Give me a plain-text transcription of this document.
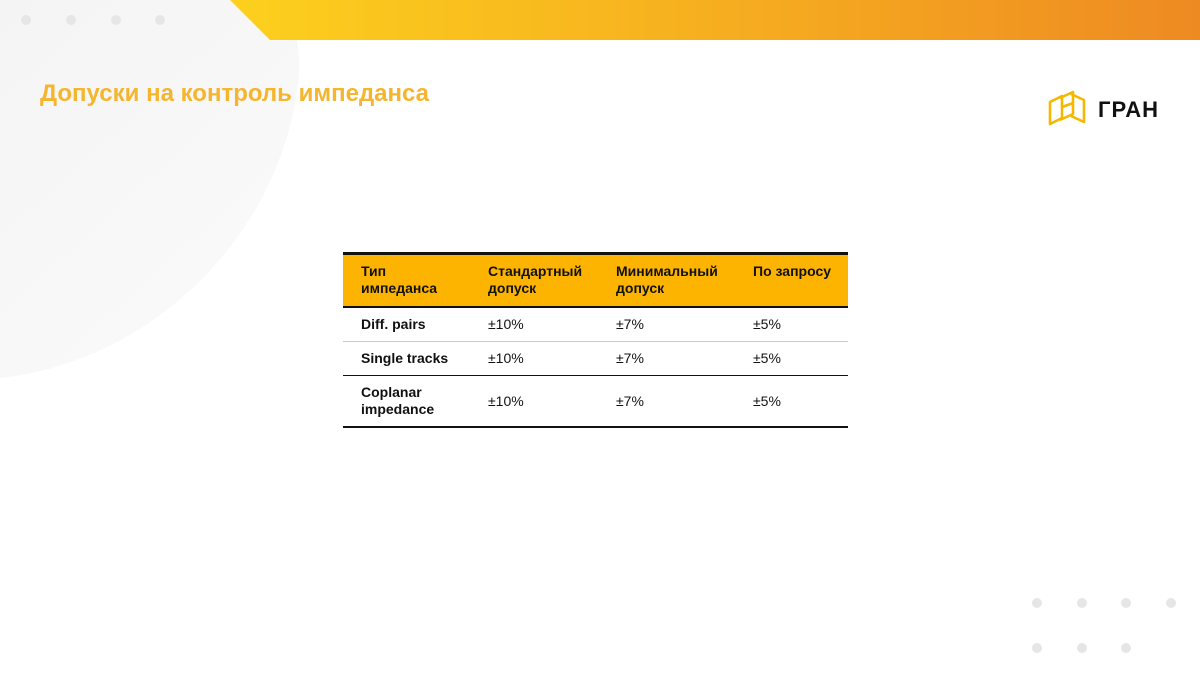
Допуски на контроль импеданса
ГРАН
Тип импеданса	Стандартный допуск	Минимальный допуск	По запросу
Diff. pairs	±10%	±7%	±5%
Single tracks	±10%	±7%	±5%
Coplanar impedance	±10%	±7%	±5%
